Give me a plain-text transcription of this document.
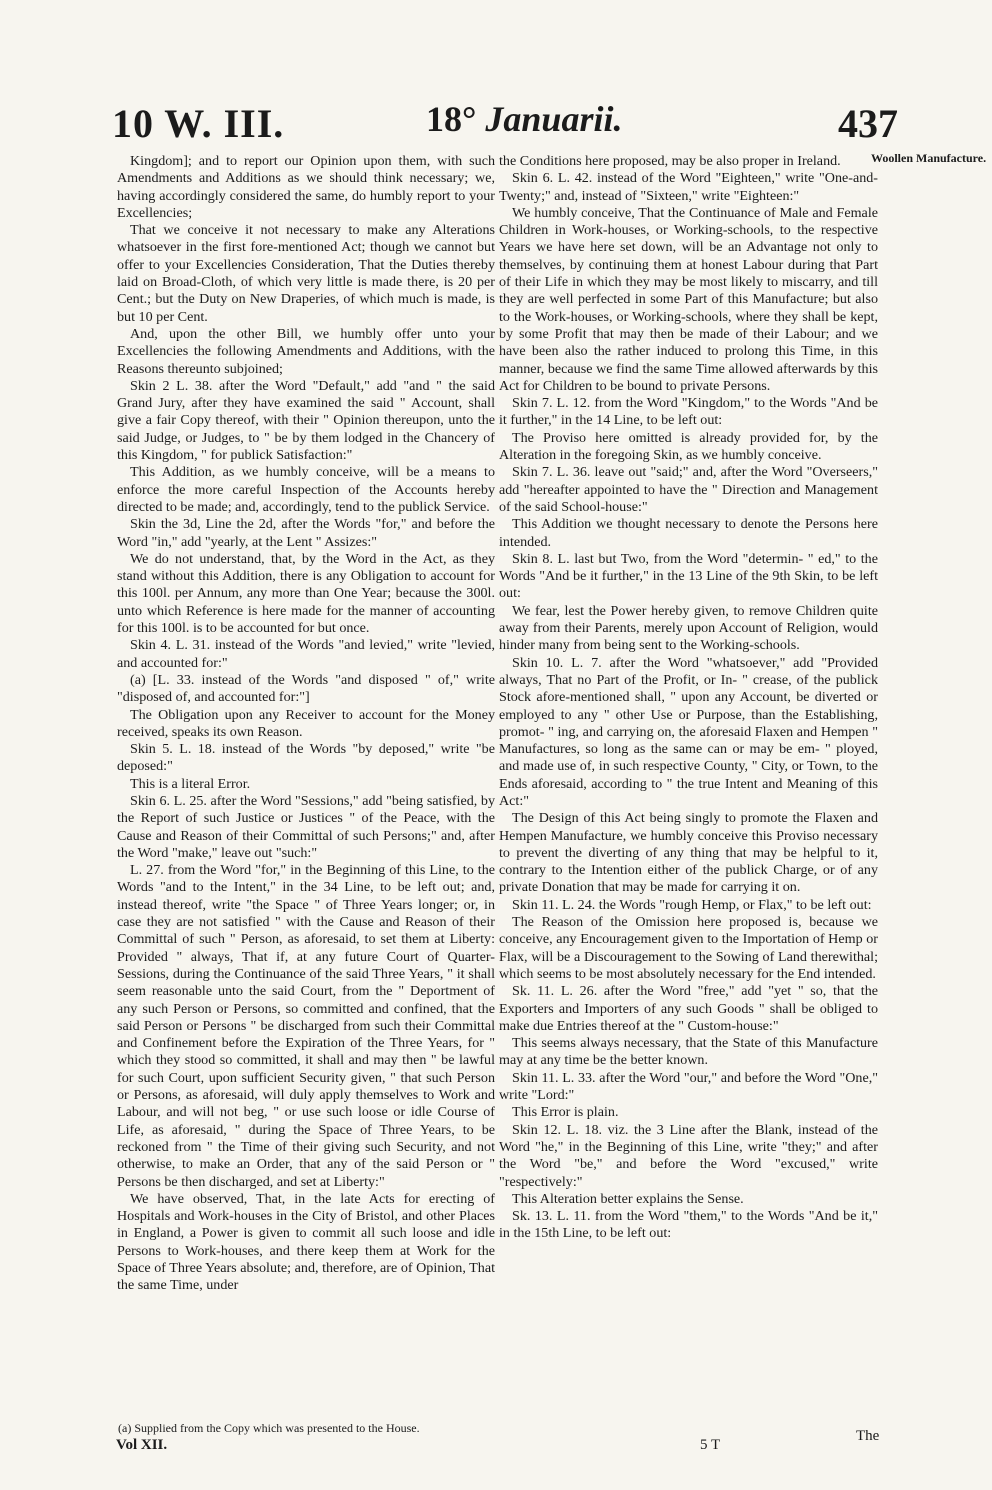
10 W. III.	18° Januarii.	437
Woollen Manufacture.

Kingdom]; and to report our Opinion upon them, with such Amendments and Additions as we should think necessary; we, having accordingly considered the same, do humbly report to your Excellencies;

That we conceive it not necessary to make any Alterations whatsoever in the first fore-mentioned Act; though we cannot but offer to your Excellencies Consideration, That the Duties thereby laid on Broad-Cloth, of which very little is made there, is 20 per Cent.; but the Duty on New Draperies, of which much is made, is but 10 per Cent.

And, upon the other Bill, we humbly offer unto your Excellencies the following Amendments and Additions, with the Reasons thereunto subjoined;

Skin 2 L. 38. after the Word "Default," add "and " the said Grand Jury, after they have examined the said " Account, shall give a fair Copy thereof, with their " Opinion thereupon, unto the said Judge, or Judges, to " be by them lodged in the Chancery of this Kingdom, " for publick Satisfaction:"

This Addition, as we humbly conceive, will be a means to enforce the more careful Inspection of the Accounts hereby directed to be made; and, accordingly, tend to the publick Service.

Skin the 3d, Line the 2d, after the Words "for," and before the Word "in," add "yearly, at the Lent " Assizes:"

We do not understand, that, by the Word in the Act, as they stand without this Addition, there is any Obligation to account for this 100l. per Annum, any more than One Year; because the 300l. unto which Reference is here made for the manner of accounting for this 100l. is to be accounted for but once.

Skin 4. L. 31. instead of the Words "and levied," write "levied, and accounted for:"

(a) [L. 33. instead of the Words "and disposed " of," write "disposed of, and accounted for:"]

The Obligation upon any Receiver to account for the Money received, speaks its own Reason.

Skin 5. L. 18. instead of the Words "by deposed," write "be deposed:"

This is a literal Error.

Skin 6. L. 25. after the Word "Sessions," add "being satisfied, by the Report of such Justice or Justices " of the Peace, with the Cause and Reason of their Committal of such Persons;" and, after the Word "make," leave out "such:"

L. 27. from the Word "for," in the Beginning of this Line, to the Words "and to the Intent," in the 34 Line, to be left out; and, instead thereof, write "the Space " of Three Years longer; or, in case they are not satisfied " with the Cause and Reason of their Committal of such " Person, as aforesaid, to set them at Liberty: Provided " always, That if, at any future Court of Quarter-Sessions, during the Continuance of the said Three Years, " it shall seem reasonable unto the said Court, from the " Deportment of any such Person or Persons, so committed and confined, that the said Person or Persons " be discharged from such their Committal and Confinement before the Expiration of the Three Years, for " which they stood so committed, it shall and may then " be lawful for such Court, upon sufficient Security given, " that such Person or Persons, as aforesaid, will duly apply themselves to Work and Labour, and will not beg, " or use such loose or idle Course of Life, as aforesaid, " during the Space of Three Years, to be reckoned from " the Time of their giving such Security, and not otherwise, to make an Order, that any of the said Person or " Persons be then discharged, and set at Liberty:"

We have observed, That, in the late Acts for erecting of Hospitals and Work-houses in the City of Bristol, and other Places in England, a Power is given to commit all such loose and idle Persons to Work-houses, and there keep them at Work for the Space of Three Years absolute; and, therefore, are of Opinion, That the same Time, under

the Conditions here proposed, may be also proper in Ireland.

Skin 6. L. 42. instead of the Word "Eighteen," write "One-and-Twenty;" and, instead of "Sixteen," write "Eighteen:"

We humbly conceive, That the Continuance of Male and Female Children in Work-houses, or Working-schools, to the respective Years we have here set down, will be an Advantage not only to themselves, by continuing them at honest Labour during that Part of their Life in which they may be most likely to miscarry, and till they are well perfected in some Part of this Manufacture; but also to the Work-houses, or Working-schools, where they shall be kept, by some Profit that may then be made of their Labour; and we have been also the rather induced to prolong this Time, in this manner, because we find the same Time allowed afterwards by this Act for Children to be bound to private Persons.

Skin 7. L. 12. from the Word "Kingdom," to the Words "And be it further," in the 14 Line, to be left out:

The Proviso here omitted is already provided for, by the Alteration in the foregoing Skin, as we humbly conceive.

Skin 7. L. 36. leave out "said;" and, after the Word "Overseers," add "hereafter appointed to have the " Direction and Management of the said School-house:"

This Addition we thought necessary to denote the Persons here intended.

Skin 8. L. last but Two, from the Word "determin- " ed," to the Words "And be it further," in the 13 Line of the 9th Skin, to be left out:

We fear, lest the Power hereby given, to remove Children quite away from their Parents, merely upon Account of Religion, would hinder many from being sent to the Working-schools.

Skin 10. L. 7. after the Word "whatsoever," add "Provided always, That no Part of the Profit, or In- " crease, of the publick Stock afore-mentioned shall, " upon any Account, be diverted or employed to any " other Use or Purpose, than the Establishing, promot- " ing, and carrying on, the aforesaid Flaxen and Hempen " Manufactures, so long as the same can or may be em- " ployed, and made use of, in such respective County, " City, or Town, to the Ends aforesaid, according to " the true Intent and Meaning of this Act:"

The Design of this Act being singly to promote the Flaxen and Hempen Manufacture, we humbly conceive this Proviso necessary to prevent the diverting of any thing that may be helpful to it, contrary to the Intention either of the publick Charge, or of any private Donation that may be made for carrying it on.

Skin 11. L. 24. the Words "rough Hemp, or Flax," to be left out:

The Reason of the Omission here proposed is, because we conceive, any Encouragement given to the Importation of Hemp or Flax, will be a Discouragement to the Sowing of Land therewithal; which seems to be most absolutely necessary for the End intended.

Sk. 11. L. 26. after the Word "free," add "yet " so, that the Exporters and Importers of any such Goods " shall be obliged to make due Entries thereof at the " Custom-house:"

This seems always necessary, that the State of this Manufacture may at any time be the better known.

Skin 11. L. 33. after the Word "our," and before the Word "One," write "Lord:"

This Error is plain.

Skin 12. L. 18. viz. the 3 Line after the Blank, instead of the Word "he," in the Beginning of this Line, write "they;" and after the Word "be," and before the Word "excused," write "respectively:"

This Alteration better explains the Sense.

Sk. 13. L. 11. from the Word "them," to the Words "And be it," in the 15th Line, to be left out:

(a) Supplied from the Copy which was presented to the House.
Vol XII.	5 T
The
